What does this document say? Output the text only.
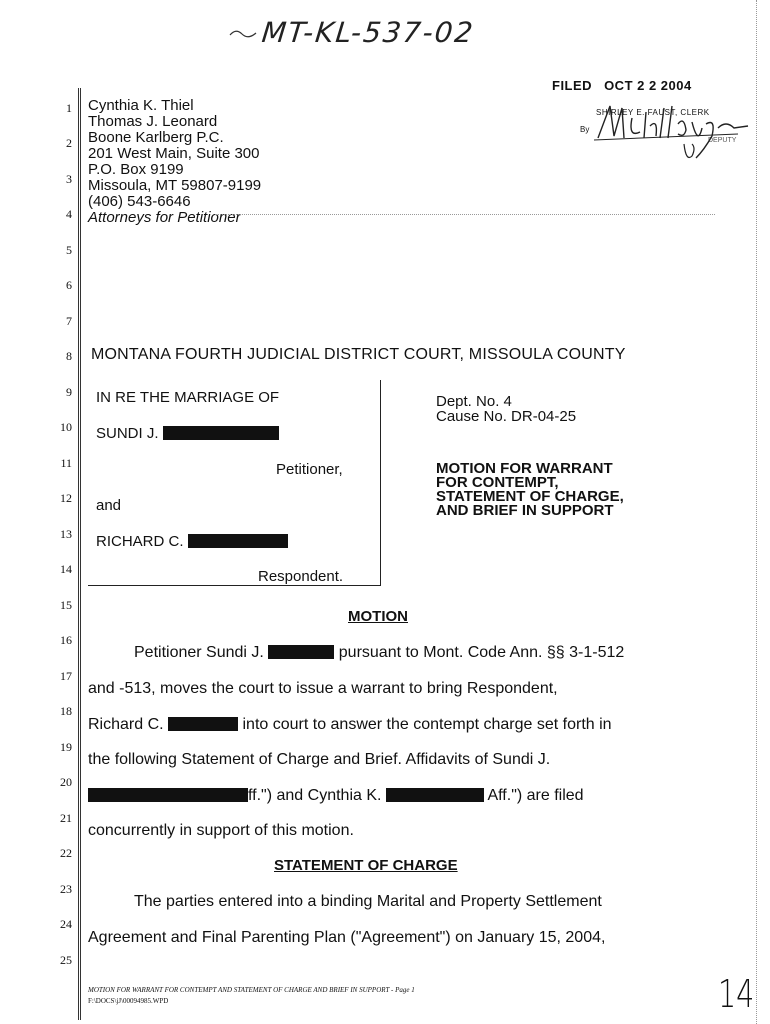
MT-KL-537-02
FILED OCT 2 2 2004
SHIRLEY E. FAUST, CLERK
By
DEPUTY
1
2
3
4
5
6
7
8
9
10
11
12
13
14
15
16
17
18
19
20
21
22
23
24
25
Cynthia K. Thiel
Thomas J. Leonard
Boone Karlberg P.C.
201 West Main, Suite 300
P.O. Box 9199
Missoula, MT 59807-9199
(406) 543-6646
Attorneys for Petitioner
MONTANA FOURTH JUDICIAL DISTRICT COURT, MISSOULA COUNTY
IN RE THE MARRIAGE OF
SUNDI J.
Petitioner,
and
RICHARD C.
Respondent.
Dept. No. 4
Cause No. DR-04-25
MOTION FOR WARRANT
FOR CONTEMPT,
STATEMENT OF CHARGE,
AND BRIEF IN SUPPORT
MOTION
Petitioner Sundi J.	pursuant to Mont. Code Ann. §§ 3-1-512
and -513, moves the court to issue a warrant to bring Respondent,
Richard C.	into court to answer the contempt charge set forth in
the following Statement of Charge and Brief. Affidavits of Sundi J.
ff.") and Cynthia K.	Aff.") are filed
concurrently in support of this motion.
STATEMENT OF CHARGE
The parties entered into a binding Marital and Property Settlement
Agreement and Final Parenting Plan ("Agreement") on January 15, 2004,
MOTION FOR WARRANT FOR CONTEMPT AND STATEMENT OF CHARGE AND BRIEF IN SUPPORT - Page 1
F:\DOCS\jJ\00094985.WPD	14
